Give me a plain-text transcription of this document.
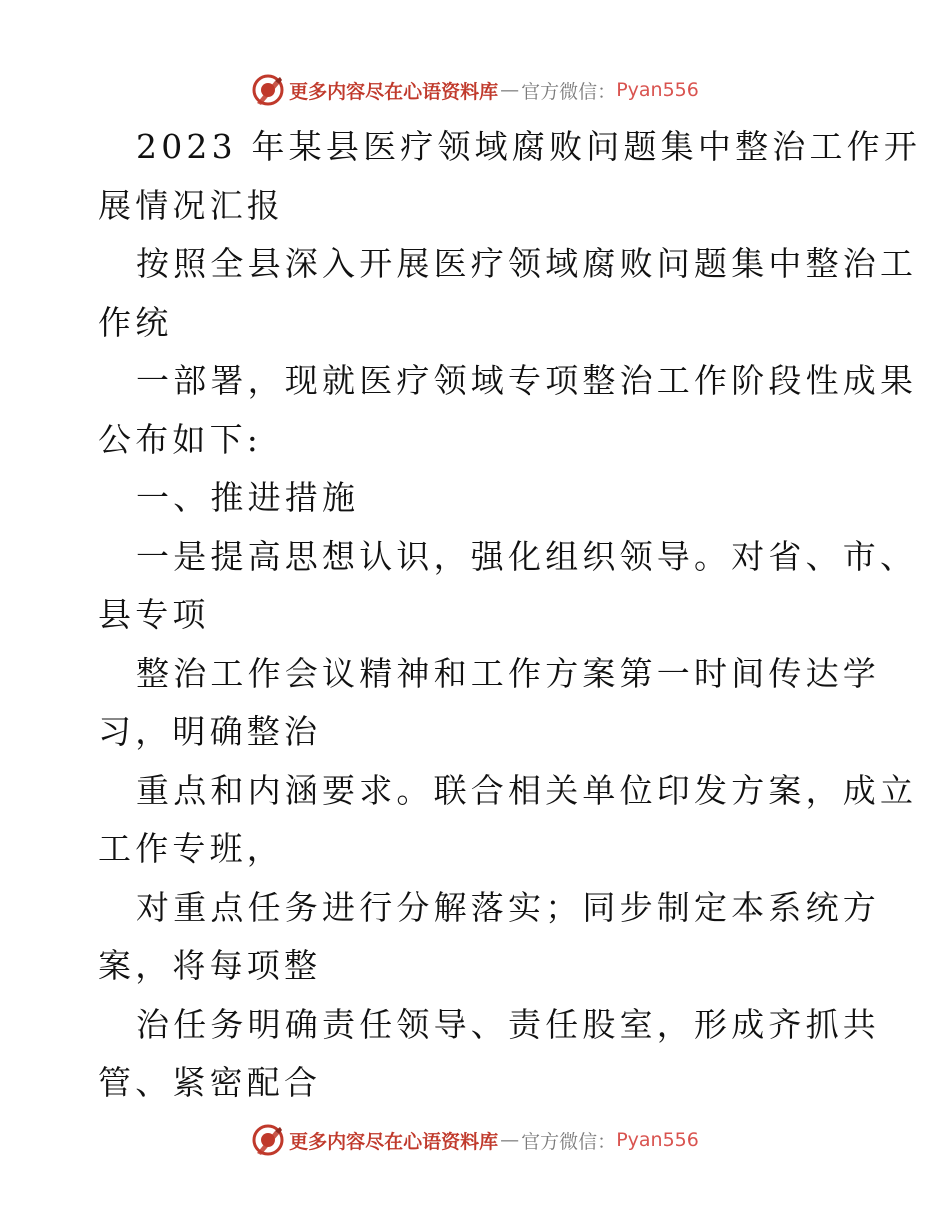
更多内容尽在心语资料库 — 官方微信： Pyan556
2023 年某县医疗领域腐败问题集中整治工作开
展情况汇报
按照全县深入开展医疗领域腐败问题集中整治工
作统
一部署，现就医疗领域专项整治工作阶段性成果
公布如下:
一、推进措施
一是提高思想认识，强化组织领导。对省、市、
县专项
整治工作会议精神和工作方案第一时间传达学
习，明确整治
重点和内涵要求。联合相关单位印发方案，成立
工作专班，
对重点任务进行分解落实；同步制定本系统方
案，将每项整
治任务明确责任领导、责任股室，形成齐抓共
管、紧密配合
更多内容尽在心语资料库 — 官方微信： Pyan556
